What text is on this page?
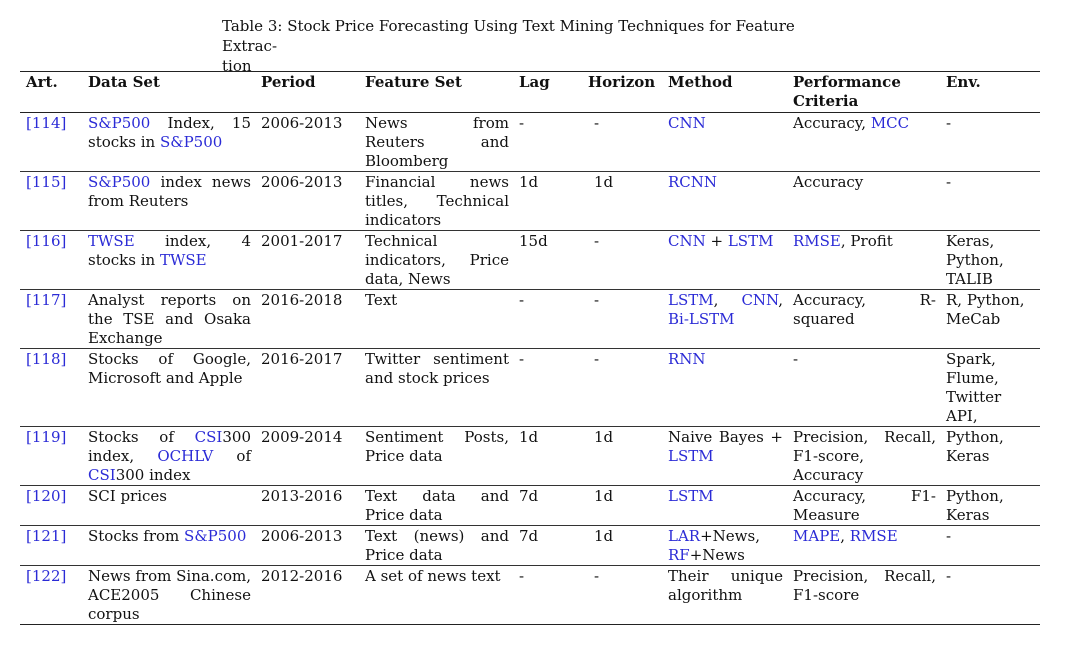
Table 3: Stock Price Forecasting Using Text Mining Techniques for Feature Extrac-
tion
Art.	Data Set	Period	Feature Set	Lag	Horizon	Method	Performance Criteria	Env.
[114]	S&P500 Index, 15 stocks in S&P500	2006-2013	News from Reuters and Bloomberg	-	-	CNN	Accuracy, MCC	-
[115]	S&P500 index news from Reuters	2006-2013	Financial news titles, Technical indicators	1d	1d	RCNN	Accuracy	-
[116]	TWSE index, 4 stocks in TWSE	2001-2017	Technical indicators, Price data, News	15d	-	CNN + LSTM	RMSE, Profit	Keras, Python, TALIB
[117]	Analyst reports on the TSE and Osaka Exchange	2016-2018	Text	-	-	LSTM, CNN, Bi-LSTM	Accuracy, R-squared	R, Python, MeCab
[118]	Stocks of Google, Microsoft and Apple	2016-2017	Twitter sentiment and stock prices	-	-	RNN	-	Spark, Flume, Twitter API,
[119]	Stocks of CSI300 index, OCHLV of CSI300 index	2009-2014	Sentiment Posts, Price data	1d	1d	Naive Bayes + LSTM	Precision, Recall, F1-score, Accuracy	Python, Keras
[120]	SCI prices	2013-2016	Text data and Price data	7d	1d	LSTM	Accuracy, F1-Measure	Python, Keras
[121]	Stocks from S&P500	2006-2013	Text (news) and Price data	7d	1d	LAR+News, RF+News	MAPE, RMSE	-
[122]	News from Sina.com, ACE2005 Chinese corpus	2012-2016	A set of news text	-	-	Their unique algorithm	Precision, Recall, F1-score	-
